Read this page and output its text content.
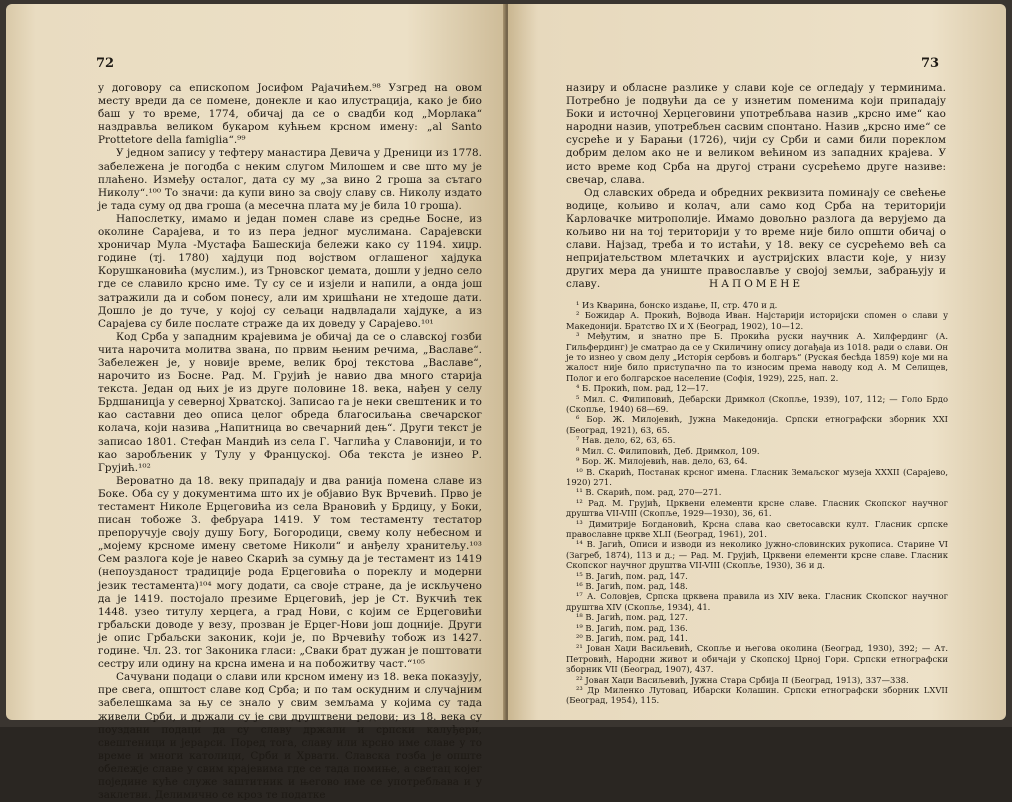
72

у договору са епископом Јосифом Рајачићем.⁹⁸ Узгред на овом месту вреди да се помене, донекле и као илустрација, како је био баш у то време, 1774, обичај да се о свадби код „Морлака“ наздравља великом букаром кућњем крсном имену: „al Santo Prottetore della famiglia“.⁹⁹

У једном запису у тефтеру манастира Девича у Дреници из 1778. забележена је погодба с неким слугом Милошем и све што му је плаћено. Између осталог, дата су му „за вино 2 гроша за сътаго Николу“.¹⁰⁰ То значи: да купи вино за своју славу св. Николу издато је тада суму од два гроша (а месечна плата му је била 10 гроша).

Напослетку, имамо и један помен славе из средње Босне, из околине Сарајева, и то из пера једног муслимана. Сарајевски хроничар Мула -Мустафа Башескија бележи како су 1194. хиџр. године (тј. 1780) хајдуци под војством оглашеног хајдука Корушкановића (муслим.), из Трновског џемата, дошли у једно село где се славило крсно име. Ту су се и изјели и напили, а онда још затражили да и собом понесу, али им хришћани не хтедоше дати. Дошло је до туче, у којој су сељаци надвладали хајдуке, а из Сарајева су биле послате страже да их доведу у Сарајево.¹⁰¹

Код Срба у западним крајевима је обичај да се о славској гозби чита нарочита молитва звана, по првим њеним речима, „Вaслaвe“. Забележен је, у новије време, велик број текстова „Вaслaвe“, нарочито из Босне. Рад. М. Грујић је навио два много старија текста. Један од њих је из друге половине 18. века, нађен у селу Брдшаницја у северној Хрватској. Записао га је неки свештеник и то као саставни део описа целог обреда благосиљања свечарског колача, који назива „Напитница во свечарний дењ“. Други текст је записао 1801. Стефан Мандић из села Г. Чаглића у Славонији, и то као заробљеник у Тулу у Француској. Оба текста је изнео Р. Грујић.¹⁰²

Вероватно да 18. веку припадају и два ранија помена славе из Боке. Оба су у документима што их је објавио Вук Врчевић. Прво је тестамент Николе Ерцеговића из села Врановић у Брдицу, у Боки, писан тобоже 3. фебруара 1419. У том тестаменту тестатор препоручује своју душу Богу, Богородици, свему колу небесном и „мојему крсноме имену светоме Николи“ и анђелу хранитељу.¹⁰³ Сем разлога које је навео Скарић за сумњу да је тестамент из 1419 (непоузданост традиције рода Ерцеговића о пореклу и модерни језик тестамента)¹⁰⁴ могу додати, са своје стране, да је искључено да је 1419. постојало презиме Ерцеговић, јер је Ст. Вукчић тек 1448. узео титулу херцега, а град Нови, с којим се Ерцеговићи грбаљски доводе у везу, прозван је Ерцег-Нови још доцније. Други је опис Грбаљски законик, који је, по Врчевићу тобож из 1427. године. Чл. 23. тог Законика гласи: „Сваки брат дужан је поштовати сестру или одину на крсна имена и на побожитву част.“¹⁰⁵

Сачувани подаци о слави или крсном имену из 18. века показују, пре свега, општост славе код Срба; и по там оскудним и случајним забелешкама за њу се знало у свим земљама у којима су тада живели Срби, и држали су је сви друштвени редови; из 18. века су поуздани подаци да су славу држали и српски калуђери, свештеници и јерарси. Поред тога, славу или крсно име славе у то време и многи католици, Срби и Хрвати. Славска гозба је опште обележје славе у свим крајевима где се тада помиње, а светац којег поједине куће служе заштитник и његово име се употребљава и у заклетви. Делимично се кроз те податке

73

назиру и обласне разлике у слави које се огледају у терминима. Потребно је подвући да се у изнетим поменима који припадају Боки и источној Херцеговини употребљава назив „крсно име“ као народни назив, употребљен сасвим спонтано. Назив „крсно име“ се сусреће и у Барањи (1726), чији су Срби и сами били пореклом добрим делом ако не и великом већином из западних крајева. У исто време код Срба на другој страни сусрећемо друге називе: свечар, слава.

Од славских обреда и обредних реквизита поминају се свећење водице, кољиво и колач, али само код Срба на територији Карловачке митрополије. Имамо довољно разлога да верујемо да кољиво ни на тој територији у то време није било општи обичај о слави. Најзад, треба и то истаћи, у 18. веку се сусрећемо већ са непријатељством млетачких и аустријских власти које, у низу других мера да униште православље у својој земљи, забрањују и славу.	НАПОМЕНЕ

¹ Из Кварина, бонско издање, II, стр. 470 и д.

² Божидар А. Прокић, Војвода Иван. Најстарији историјски спомен о слави у Македонији. Братство IX и X (Београд, 1902), 10—12.

³ Међутим, и знатно пре Б. Прокића руски научник А. Хилфердинг (А. Гильфердинг) је сматрао да се у Скиличину опису догађаја из 1018. ради о слави. Он је то изнео у свом делу „Исторія сербовъ и болгаръ“ (Руская бесѣда 1859) које ми на жалост није било приступачно па то износим према наводу код А. М Селищев, Полог и его болгарское население (Софія, 1929), 225, нап. 2.

⁴ Б. Прокић, пом. рад, 12—17.

⁵ Мил. С. Филиповић, Дебарски Дримкол (Скопље, 1939), 107, 112; — Голо Брдо (Скопље, 1940) 68—69.

⁶ Бор. Ж. Милојевић, Јужна Македонија. Српски етнографски зборник XXI (Београд, 1921), 63, 65.

⁷ Нав. дело, 62, 63, 65.

⁸ Мил. С. Филиповић, Деб. Дримкол, 109.

⁹ Бор. Ж. Милојевић, нав. дело, 63, 64.

¹⁰ В. Скарић, Постанак крсног имена. Гласник Земаљског музеја XXXII (Сарајево, 1920) 271.

¹¹ В. Скарић, пом. рад, 270—271.

¹² Рад. М. Грујић, Црквени елементи крсне славе. Гласник Скопског научног друштва VII-VIII (Скопље, 1929—1930), 36, 61.

¹³ Димитрије Богдановић, Крсна слава као светосавски култ. Гласник српске православне цркве XLII (Београд, 1961), 201.

¹⁴ В. Јагић, Описи и изводи из неколико јужно-словинских рукописа. Старине VI (Загреб, 1874), 113 и д.; — Рад. М. Грујић, Црквени елементи крсне славе. Гласник Скопског научног друштва VII-VIII (Скопље, 1930), 36 и д.

¹⁵ В. Јагић, пом. рад, 147.

¹⁶ В. Јагић, пом. рад, 148.

¹⁷ А. Соловјев, Српска црквена правила из XIV века. Гласник Скопског научног друштва XIV (Скопље, 1934), 41.

¹⁸ В. Јагић, пом. рад, 127.

¹⁹ В. Јагић, пом. рад, 136.

²⁰ В. Јагић, пом. рад, 141.

²¹ Јован Хаџи Васиљевић, Скопље и његова околина (Београд, 1930), 392; — Ат. Петровић, Народни живот и обичаји у Скопској Црној Гори. Српски етнографски зборник VII (Београд, 1907), 437.

²² Јован Хаџи Васиљевић, Јужна Стара Србија II (Београд, 1913), 337—338.

²³ Др Миленко Лутовац, Ибарски Колашин. Српски етнографски зборник LXVII (Београд, 1954), 115.
